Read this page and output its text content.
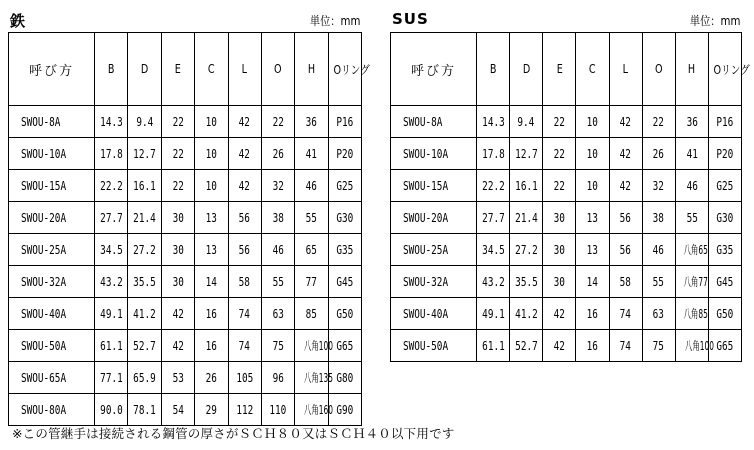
鉄	単位：mm
呼び方	B	D	E	C	L	O	H	Oリング
SWOU-8A	14.3	9.4	22	10	42	22	36	P16
SWOU-10A	17.8	12.7	22	10	42	26	41	P20
SWOU-15A	22.2	16.1	22	10	42	32	46	G25
SWOU-20A	27.7	21.4	30	13	56	38	55	G30
SWOU-25A	34.5	27.2	30	13	56	46	65	G35
SWOU-32A	43.2	35.5	30	14	58	55	77	G45
SWOU-40A	49.1	41.2	42	16	74	63	85	G50
SWOU-50A	61.1	52.7	42	16	74	75	八角100	G65
SWOU-65A	77.1	65.9	53	26	105	96	八角135	G80
SWOU-80A	90.0	78.1	54	29	112	110	八角160	G90
SUS	単位：mm
呼び方	B	D	E	C	L	O	H	Oリング
SWOU-8A	14.3	9.4	22	10	42	22	36	P16
SWOU-10A	17.8	12.7	22	10	42	26	41	P20
SWOU-15A	22.2	16.1	22	10	42	32	46	G25
SWOU-20A	27.7	21.4	30	13	56	38	55	G30
SWOU-25A	34.5	27.2	30	13	56	46	八角65	G35
SWOU-32A	43.2	35.5	30	14	58	55	八角77	G45
SWOU-40A	49.1	41.2	42	16	74	63	八角85	G50
SWOU-50A	61.1	52.7	42	16	74	75	八角100	G65
※この管継手は接続される鋼管の厚さがＳＣＨ８０又はＳＣＨ４０以下用です
